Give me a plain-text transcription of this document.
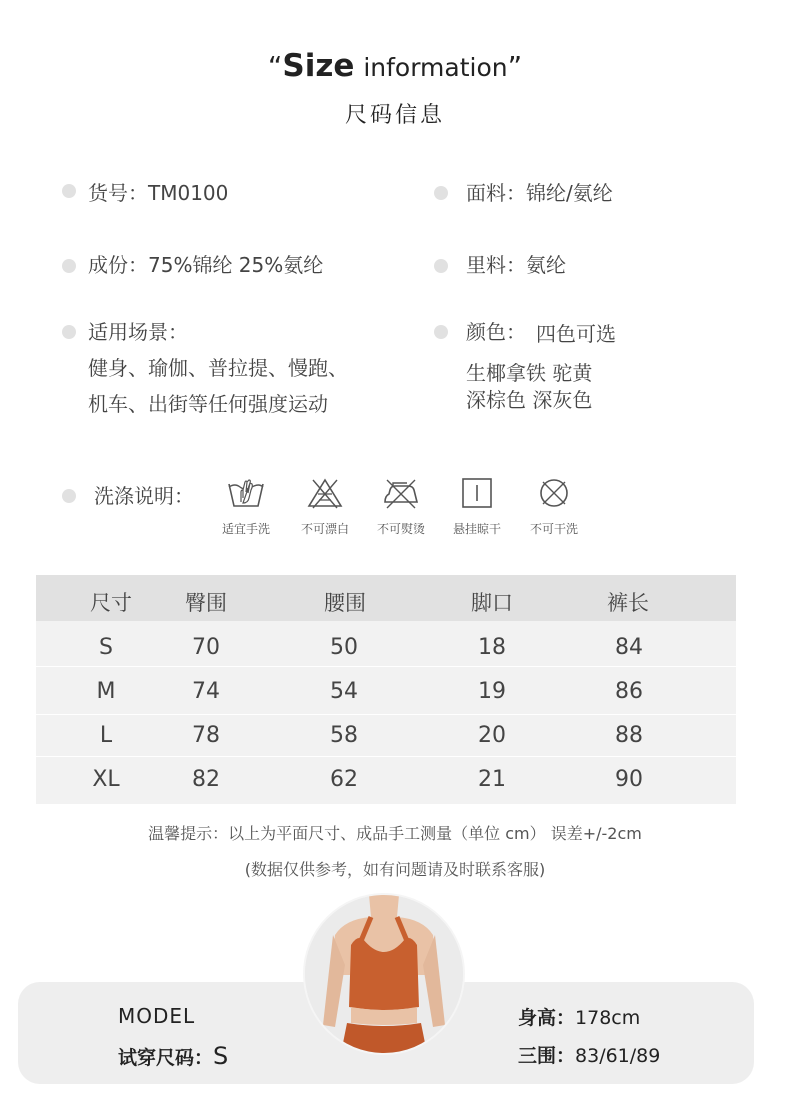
“Size information”
尺码信息
货号：TM0100	面料：锦纶/氨纶
成份：75%锦纶 25%氨纶	里料：氨纶
适用场景：
健身、瑜伽、普拉提、慢跑、
机车、出街等任何强度运动
颜色： 四色可选
生椰拿铁 驼黄
深棕色 深灰色
洗涤说明：
适宜手洗	不可漂白	不可熨烫	悬挂晾干	不可干洗
尺寸	臀围	腰围	脚口	裤长
S	70	50	18	84
M	74	54	19	86
L	78	58	20	88
XL	82	62	21	90
温馨提示：以上为平面尺寸、成品手工测量（单位 cm） 误差+/-2cm
(数据仅供参考，如有问题请及时联系客服)
MODEL
试穿尺码：S
身高：178cm
三围：83/61/89
